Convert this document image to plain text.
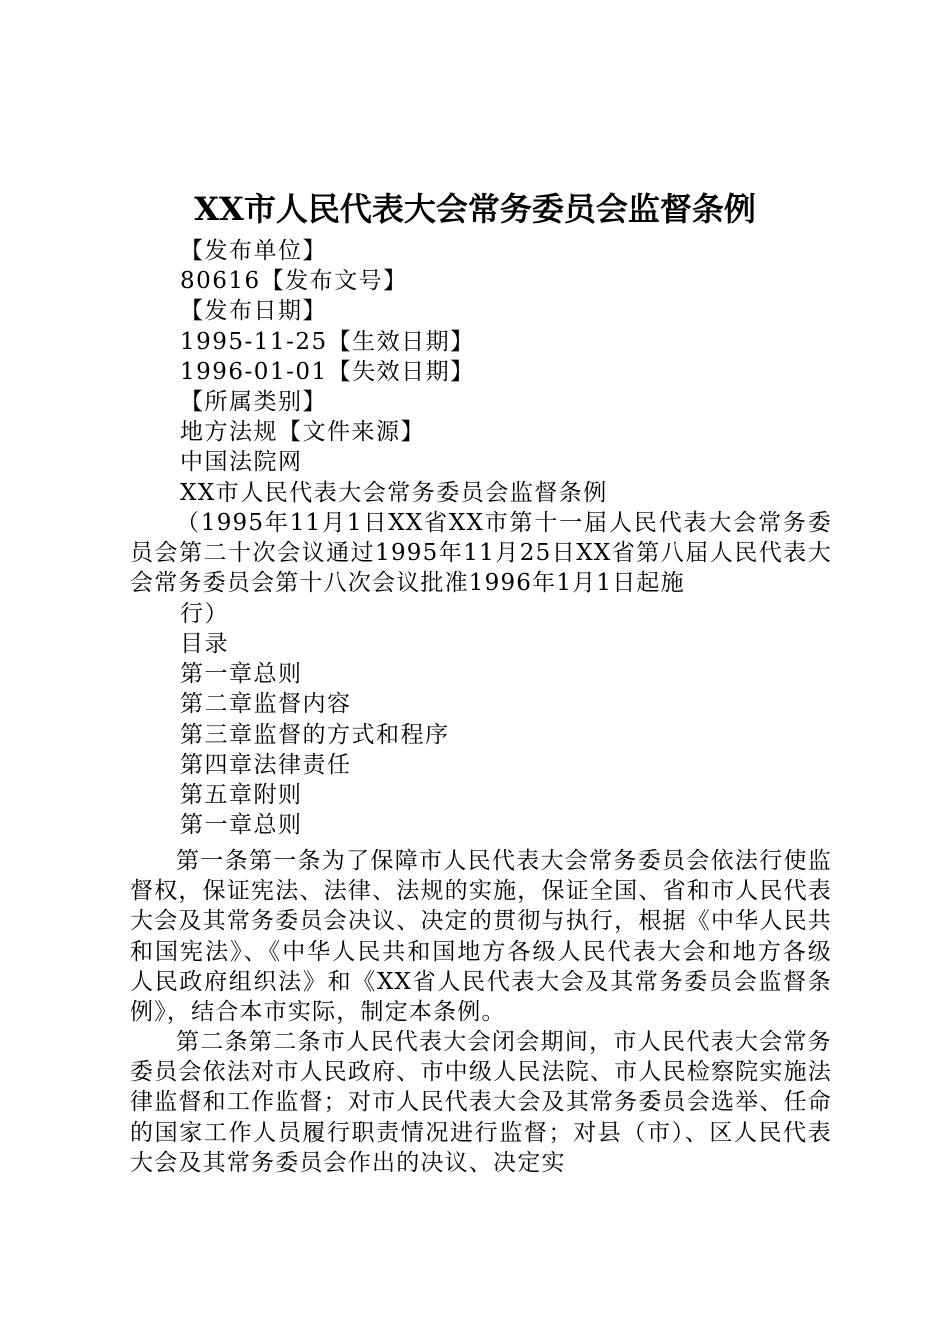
XX市人民代表大会常务委员会监督条例
【发布单位】
80616【发布文号】
【发布日期】
1995-11-25【生效日期】
1996-01-01【失效日期】
【所属类别】
地方法规【文件来源】
中国法院网
XX市人民代表大会常务委员会监督条例
（1995年11月1日XX省XX市第十一届人民代表大会常务委员会第二十次会议通过1995年11月25日XX省第八届人民代表大会常务委员会第十八次会议批准1996年1月1日起施
行）
目录
第一章总则
第二章监督内容
第三章监督的方式和程序
第四章法律责任
第五章附则
第一章总则
第一条第一条为了保障市人民代表大会常务委员会依法行使监督权，保证宪法、法律、法规的实施，保证全国、省和市人民代表大会及其常务委员会决议、决定的贯彻与执行，根据《中华人民共和国宪法》、《中华人民共和国地方各级人民代表大会和地方各级人民政府组织法》和《XX省人民代表大会及其常务委员会监督条例》，结合本市实际，制定本条例。
第二条第二条市人民代表大会闭会期间，市人民代表大会常务委员会依法对市人民政府、市中级人民法院、市人民检察院实施法律监督和工作监督；对市人民代表大会及其常务委员会选举、任命的国家工作人员履行职责情况进行监督；对县（市）、区人民代表大会及其常务委员会作出的决议、决定实
